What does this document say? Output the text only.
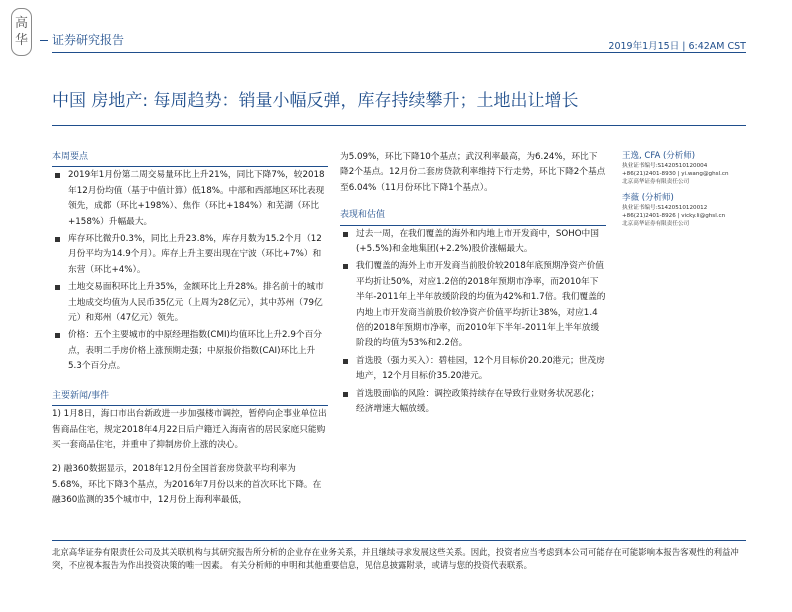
高
华 证券研究报告	2019年1月15日 | 6:42AM CST
中国 房地产: 每周趋势：销量小幅反弹，库存持续攀升；土地出让增长
本周要点
2019年1月份第二周交易量环比上升21%，同比下降7%，较2018年12月份均值（基于中值计算）低18%。中部和西部地区环比表现领先，成都（环比+198%）、焦作（环比+184%）和芜湖（环比+158%）升幅最大。
库存环比微升0.3%，同比上升23.8%，库存月数为15.2个月（12月份平均为14.9个月）。库存上升主要出现在宁波（环比+7%）和东营（环比+4%）。
土地交易面积环比上升35%，金额环比上升28%。排名前十的城市土地成交均值为人民币35亿元（上周为28亿元），其中苏州（79亿元）和郑州（47亿元）领先。
价格：五个主要城市的中原经理指数(CMI)均值环比上升2.9个百分点，表明二手房价格上涨预期走强；中原报价指数(CAI)环比上升5.3个百分点。
主要新闻/事件

1) 1月8日，海口市出台新政进一步加强楼市调控，暂停向企事业单位出售商品住宅，规定2018年4月22日后户籍迁入海南省的居民家庭只能购买一套商品住宅，并重申了抑制房价上涨的决心。

2) 融360数据显示，2018年12月份全国首套房贷款平均利率为5.68%，环比下降3个基点，为2016年7月份以来的首次环比下降。在融360监测的35个城市中，12月份上海利率最低，

为5.09%，环比下降10个基点；武汉利率最高，为6.24%，环比下降2个基点。12月份二套房贷款利率维持下行走势，环比下降2个基点至6.04%（11月份环比下降1个基点）。

表现和估值
过去一周，在我们覆盖的海外和内地上市开发商中，SOHO中国(+5.5%)和金地集团(+2.2%)股价涨幅最大。
我们覆盖的海外上市开发商当前股价较2018年底预期净资产价值平均折让50%，对应1.2倍的2018年预期市净率，而2010年下半年-2011年上半年放缓阶段的均值为42%和1.7倍。我们覆盖的内地上市开发商当前股价较净资产价值平均折让38%，对应1.4倍的2018年预期市净率，而2010年下半年-2011年上半年放缓阶段的均值为53%和2.2倍。
首选股（强力买入）：碧桂园，12个月目标价20.20港元；世茂房地产，12个月目标价35.20港元。
首选股面临的风险：调控政策持续存在导致行业财务状况恶化；经济增速大幅放缓。
王逸, CFA (分析师)
执业证书编号:S1420510120004
+86(21)2401-8930 | yi.wang@ghsl.cn
北京高华证券有限责任公司
李薇 (分析师)
执业证书编号:S1420510120012
+86(21)2401-8926 | vicky.li@ghsl.cn
北京高华证券有限责任公司
北京高华证券有限责任公司及其关联机构与其研究报告所分析的企业存在业务关系，并且继续寻求发展这些关系。因此，投资者应当考虑到本公司可能存在可能影响本报告客观性的利益冲突，不应视本报告为作出投资决策的唯一因素。 有关分析师的申明和其他重要信息，见信息披露附录，或请与您的投资代表联系。
